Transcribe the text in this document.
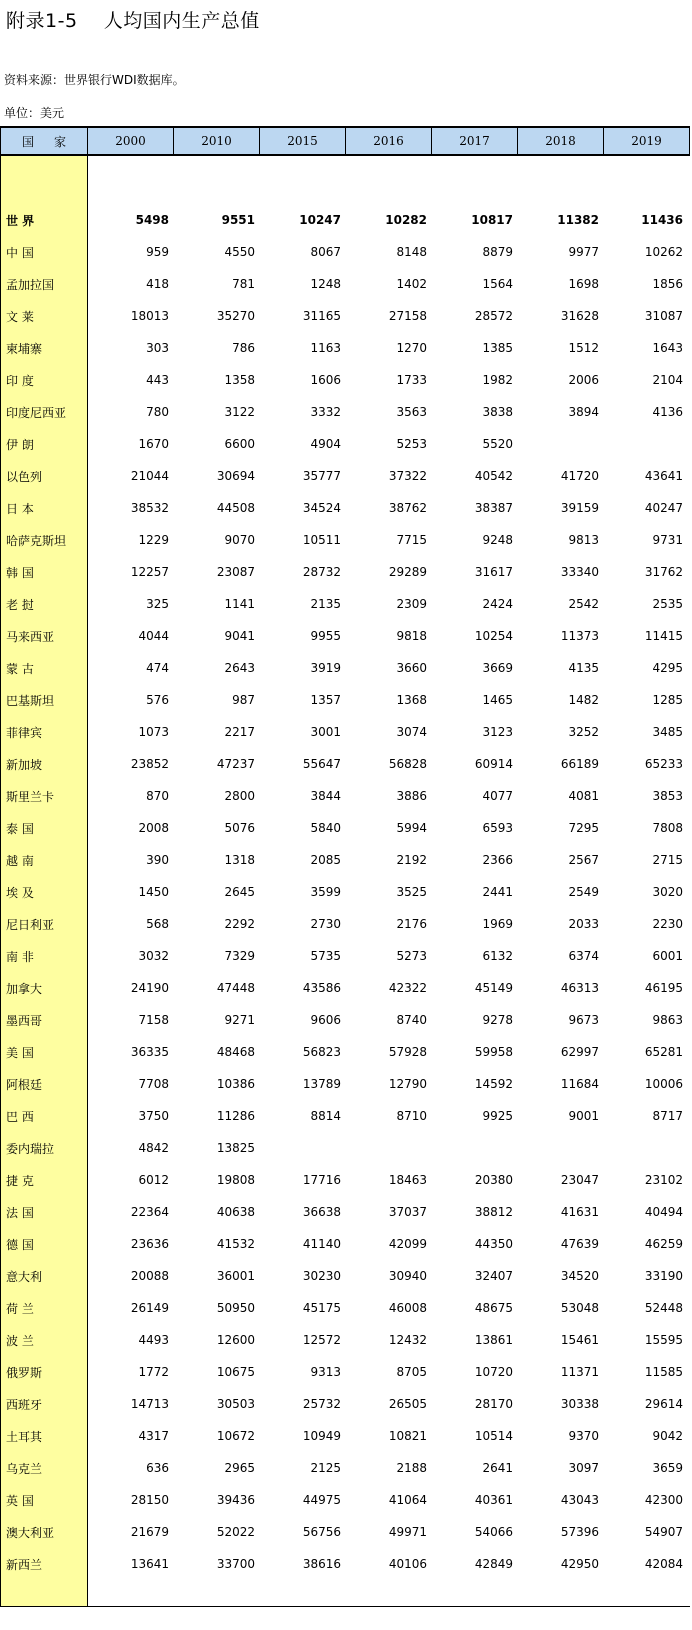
附录1-5    人均国内生产总值
资料来源：世界银行WDI数据库。
单位：美元
国家	2000	2010	2015	2016	2017	2018	2019
世 界	5498	9551	10247	10282	10817	11382	11436
中 国	959	4550	8067	8148	8879	9977	10262
孟加拉国	418	781	1248	1402	1564	1698	1856
文 莱	18013	35270	31165	27158	28572	31628	31087
柬埔寨	303	786	1163	1270	1385	1512	1643
印 度	443	1358	1606	1733	1982	2006	2104
印度尼西亚	780	3122	3332	3563	3838	3894	4136
伊 朗	1670	6600	4904	5253	5520
以色列	21044	30694	35777	37322	40542	41720	43641
日 本	38532	44508	34524	38762	38387	39159	40247
哈萨克斯坦	1229	9070	10511	7715	9248	9813	9731
韩 国	12257	23087	28732	29289	31617	33340	31762
老 挝	325	1141	2135	2309	2424	2542	2535
马来西亚	4044	9041	9955	9818	10254	11373	11415
蒙 古	474	2643	3919	3660	3669	4135	4295
巴基斯坦	576	987	1357	1368	1465	1482	1285
菲律宾	1073	2217	3001	3074	3123	3252	3485
新加坡	23852	47237	55647	56828	60914	66189	65233
斯里兰卡	870	2800	3844	3886	4077	4081	3853
泰 国	2008	5076	5840	5994	6593	7295	7808
越 南	390	1318	2085	2192	2366	2567	2715
埃 及	1450	2645	3599	3525	2441	2549	3020
尼日利亚	568	2292	2730	2176	1969	2033	2230
南 非	3032	7329	5735	5273	6132	6374	6001
加拿大	24190	47448	43586	42322	45149	46313	46195
墨西哥	7158	9271	9606	8740	9278	9673	9863
美 国	36335	48468	56823	57928	59958	62997	65281
阿根廷	7708	10386	13789	12790	14592	11684	10006
巴 西	3750	11286	8814	8710	9925	9001	8717
委内瑞拉	4842	13825
捷 克	6012	19808	17716	18463	20380	23047	23102
法 国	22364	40638	36638	37037	38812	41631	40494
德 国	23636	41532	41140	42099	44350	47639	46259
意大利	20088	36001	30230	30940	32407	34520	33190
荷 兰	26149	50950	45175	46008	48675	53048	52448
波 兰	4493	12600	12572	12432	13861	15461	15595
俄罗斯	1772	10675	9313	8705	10720	11371	11585
西班牙	14713	30503	25732	26505	28170	30338	29614
土耳其	4317	10672	10949	10821	10514	9370	9042
乌克兰	636	2965	2125	2188	2641	3097	3659
英 国	28150	39436	44975	41064	40361	43043	42300
澳大利亚	21679	52022	56756	49971	54066	57396	54907
新西兰	13641	33700	38616	40106	42849	42950	42084
